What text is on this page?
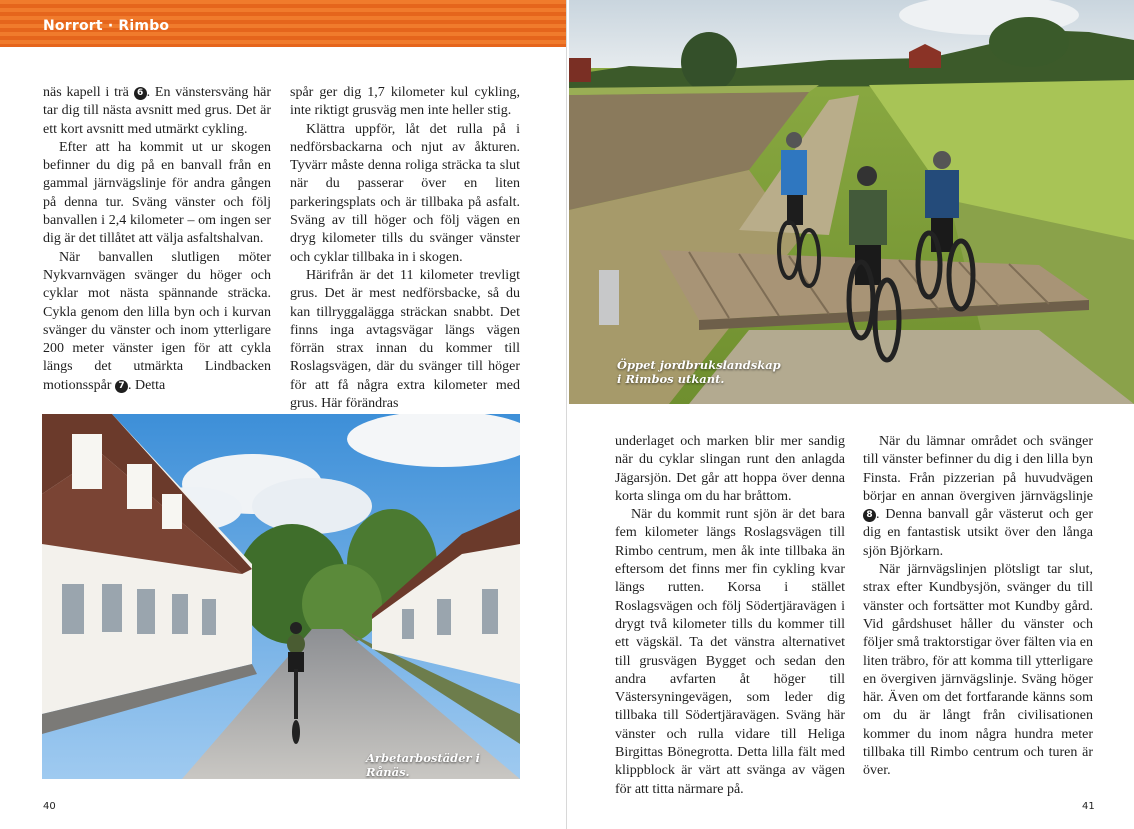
Norrort · Rimbo

näs kapell i trä 6 . En vänstersväng här tar dig till nästa avsnitt med grus. Det är ett kort avsnitt med utmärkt cykling.

Efter att ha kommit ut ur skogen befinner du dig på en banvall från en gammal järnvägslinje för andra gången på denna tur. Sväng vänster och följ banvallen i 2,4 kilometer – om ingen ser dig är det tillåtet att välja asfaltshalvan.

När banvallen slutligen möter Nykvarnvägen svänger du höger och cyklar mot nästa spännande sträcka. Cykla genom den lilla byn och i kurvan svänger du vänster och inom ytterligare 200 meter vänster igen för att cykla längs det utmärkta Lindbacken motionsspår 7 . Detta

spår ger dig 1,7 kilometer kul cykling, inte riktigt grusväg men inte heller stig.

Klättra uppför, låt det rulla på i nedförsbackarna och njut av åkturen. Tyvärr måste denna roliga sträcka ta slut när du passerar över en liten parkeringsplats och är tillbaka på asfalt. Sväng av till höger och följ vägen en dryg kilometer tills du svänger vänster och cyklar tillbaka in i skogen.

Härifrån är det 11 kilometer trevligt grus. Det är mest nedförsbacke, så du kan tillryggalägga sträckan snabbt. Det finns inga avtagsvägar längs vägen förrän strax innan du kommer till Roslagsvägen, där du svänger till höger för att få några extra kilometer med grus. Här förändras

Arbetarbostäder i Rånäs.
40
Öppet jordbrukslandskap
i Rimbos utkant.

underlaget och marken blir mer sandig när du cyklar slingan runt den anlagda Jägarsjön. Det går att hoppa över denna korta slinga om du har bråttom.

När du kommit runt sjön är det bara fem kilometer längs Roslagsvägen till Rimbo centrum, men åk inte tillbaka än eftersom det finns mer fin cykling kvar längs rutten. Korsa i stället Roslagsvägen och följ Södertjäravägen i drygt två kilometer tills du kommer till ett vägskäl. Ta det vänstra alternativet till grusvägen Bygget och sedan den andra avfarten åt höger till Västersyningevägen, som leder dig tillbaka till Södertjäravägen. Sväng här vänster och rulla vidare till Heliga Birgittas Bönegrotta. Detta lilla fält med klippblock är värt att svänga av vägen för att titta närmare på.

När du lämnar området och svänger till vänster befinner du dig i den lilla byn Finsta. Från pizzerian på huvudvägen börjar en annan övergiven järnvägslinje 8 . Denna banvall går västerut och ger dig en fantastisk utsikt över den långa sjön Björkarn.

När järnvägslinjen plötsligt tar slut, strax efter Kundbysjön, svänger du till vänster och fortsätter mot Kundby gård. Vid gårdshuset håller du vänster och följer små traktorstigar över fälten via en liten träbro, för att komma till ytterligare en övergiven järnvägslinje. Sväng höger här. Även om det fortfarande känns som om du är långt från civilisationen kommer du inom några hundra meter tillbaka till Rimbo centrum och turen är över.

41
